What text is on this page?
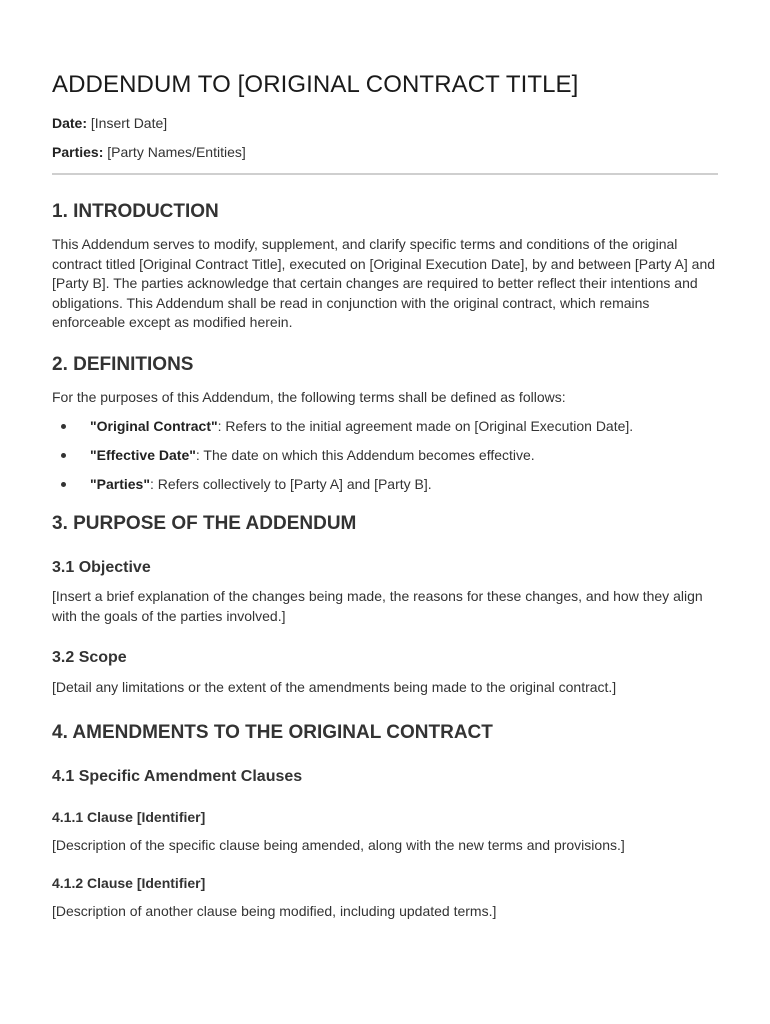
ADDENDUM TO [ORIGINAL CONTRACT TITLE]
Date: [Insert Date]
Parties: [Party Names/Entities]
1. INTRODUCTION

This Addendum serves to modify, supplement, and clarify specific terms and conditions of the original contract titled [Original Contract Title], executed on [Original Execution Date], by and between [Party A] and [Party B]. The parties acknowledge that certain changes are required to better reflect their intentions and obligations. This Addendum shall be read in conjunction with the original contract, which remains enforceable except as modified herein.

2. DEFINITIONS

For the purposes of this Addendum, the following terms shall be defined as follows:

"Original Contract": Refers to the initial agreement made on [Original Execution Date].
"Effective Date": The date on which this Addendum becomes effective.
"Parties": Refers collectively to [Party A] and [Party B].
3. PURPOSE OF THE ADDENDUM
3.1 Objective

[Insert a brief explanation of the changes being made, the reasons for these changes, and how they align with the goals of the parties involved.]

3.2 Scope

[Detail any limitations or the extent of the amendments being made to the original contract.]

4. AMENDMENTS TO THE ORIGINAL CONTRACT
4.1 Specific Amendment Clauses
4.1.1 Clause [Identifier]

[Description of the specific clause being amended, along with the new terms and provisions.]

4.1.2 Clause [Identifier]

[Description of another clause being modified, including updated terms.]
